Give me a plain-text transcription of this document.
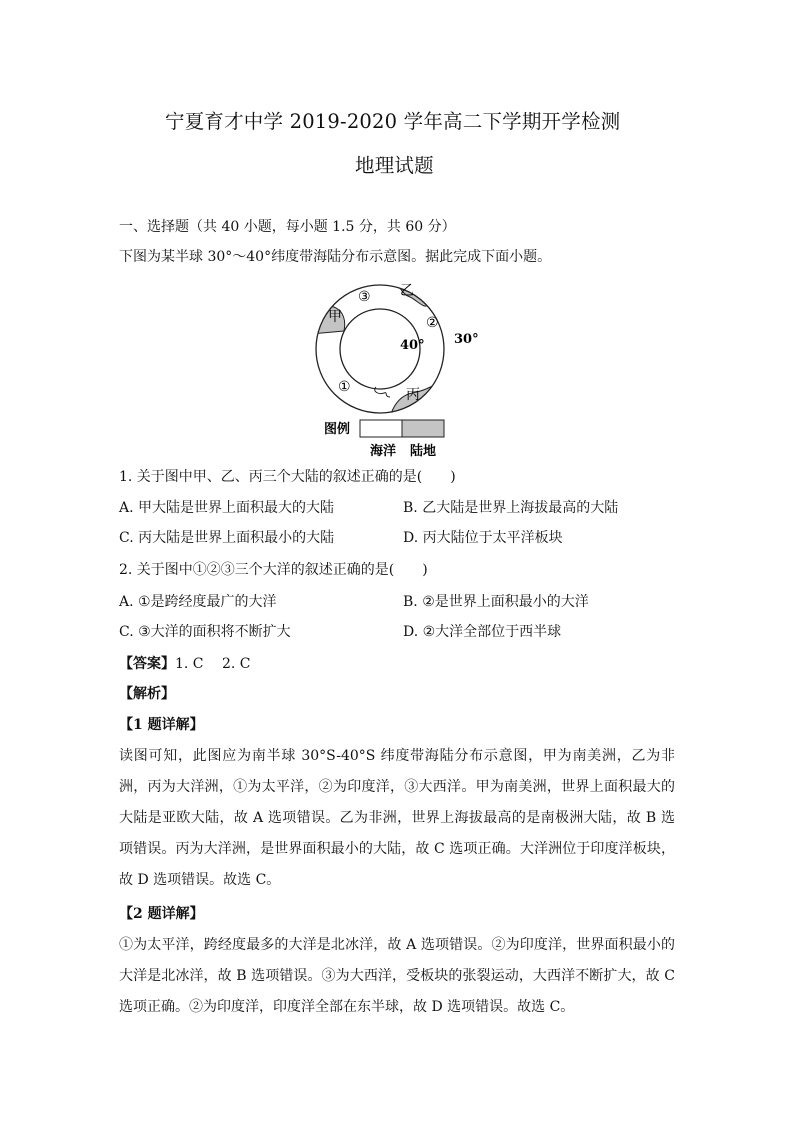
宁夏育才中学 2019-2020 学年高二下学期开学检测
地理试题
一、选择题（共 40 小题，每小题 1.5 分，共 60 分）
下图为某半球 30°～40°纬度带海陆分布示意图。据此完成下面小题。
③ 乙
甲	②
40° 30°
①	丙
图例
海洋 陆地
1. 关于图中甲、乙、丙三个大陆的叙述正确的是(　　)
A. 甲大陆是世界上面积最大的大陆	B. 乙大陆是世界上海拔最高的大陆
C. 丙大陆是世界上面积最小的大陆	D. 丙大陆位于太平洋板块
2. 关于图中①②③三个大洋的叙述正确的是(　　)
A. ①是跨经度最广的大洋	B. ②是世界上面积最小的大洋
C. ③大洋的面积将不断扩大	D. ②大洋全部位于西半球
【答案】1. C　 2. C
【解析】
【1 题详解】
读图可知，此图应为南半球 30°S-40°S 纬度带海陆分布示意图，甲为南美洲，乙为非洲，丙为大洋洲，①为太平洋，②为印度洋，③大西洋。甲为南美洲，世界上面积最大的大陆是亚欧大陆，故 A 选项错误。乙为非洲，世界上海拔最高的是南极洲大陆，故 B 选项错误。丙为大洋洲，是世界面积最小的大陆，故 C 选项正确。大洋洲位于印度洋板块，故 D 选项错误。故选 C。
【2 题详解】
①为太平洋，跨经度最多的大洋是北冰洋，故 A 选项错误。②为印度洋，世界面积最小的大洋是北冰洋，故 B 选项错误。③为大西洋，受板块的张裂运动，大西洋不断扩大，故 C 选项正确。②为印度洋，印度洋全部在东半球，故 D 选项错误。故选 C。
